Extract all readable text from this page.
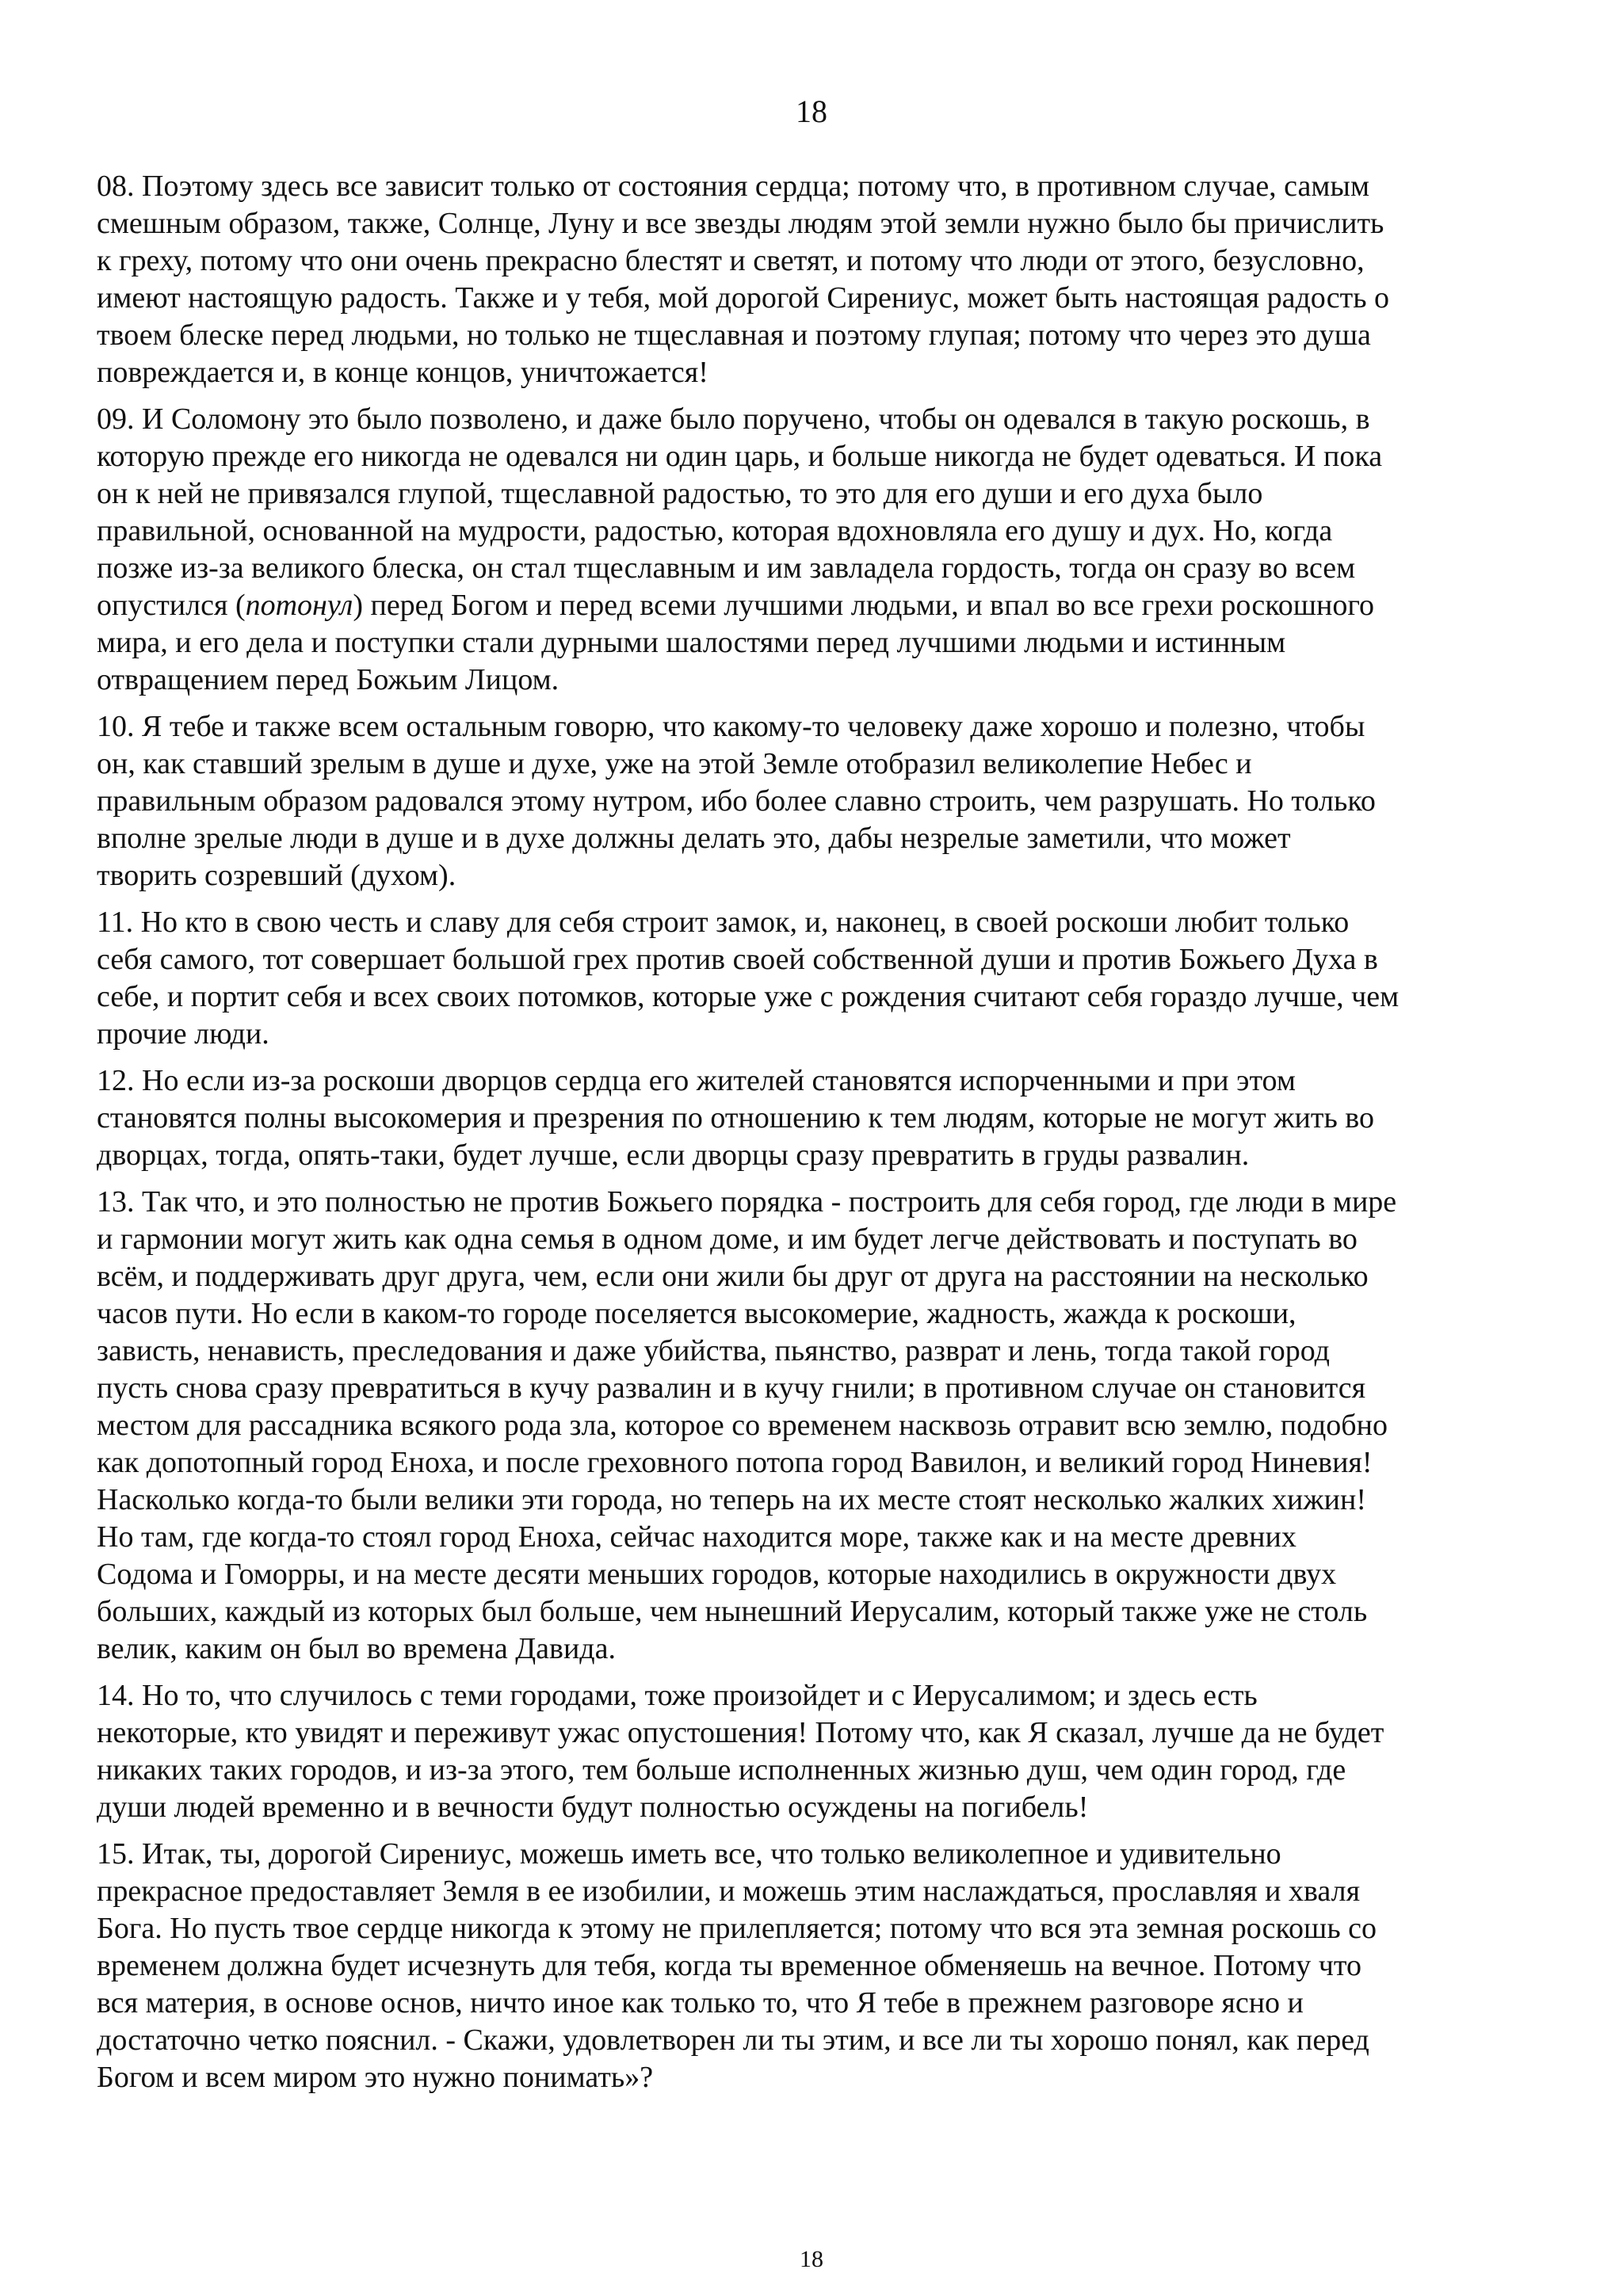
18

08. Поэтому здесь все зависит только от состояния сердца; потому что, в противном случае, самым
смешным образом, также, Солнце, Луну и все звезды людям этой земли нужно было бы причислить
к греху, потому что они очень прекрасно блестят и светят, и потому что люди от этого, безусловно,
имеют настоящую радость. Также и у тебя, мой дорогой Сирениус, может быть настоящая радость о
твоем блеске перед людьми, но только не тщеславная и поэтому глупая; потому что через это душа
повреждается и, в конце концов, уничтожается!

09. И Соломону это было позволено, и даже было поручено, чтобы он одевался в такую роскошь, в
которую прежде его никогда не одевался ни один царь, и больше никогда не будет одеваться. И пока
он к ней не привязался глупой, тщеславной радостью, то это для его души и его духа было
правильной, основанной на мудрости, радостью, которая вдохновляла его душу и дух. Но, когда
позже из-за великого блеска, он стал тщеславным и им завладела гордость, тогда он сразу во всем
опустился (потонул) перед Богом и перед всеми лучшими людьми, и впал во все грехи роскошного
мира, и его дела и поступки стали дурными шалостями перед лучшими людьми и истинным
отвращением перед Божьим Лицом.

10. Я тебе и также всем остальным говорю, что какому-то человеку даже хорошо и полезно, чтобы
он, как ставший зрелым в душе и духе, уже на этой Земле отобразил великолепие Небес и
правильным образом радовался этому нутром, ибо более славно строить, чем разрушать. Но только
вполне зрелые люди в душе и в духе должны делать это, дабы незрелые заметили, что может
творить созревший (духом).

11. Но кто в свою честь и славу для себя строит замок, и, наконец, в своей роскоши любит только
себя самого, тот совершает большой грех против своей собственной души и против Божьего Духа в
себе, и портит себя и всех своих потомков, которые уже с рождения считают себя гораздо лучше, чем
прочие люди.

12. Но если из-за роскоши дворцов сердца его жителей становятся испорченными и при этом
становятся полны высокомерия и презрения по отношению к тем людям, которые не могут жить во
дворцах, тогда, опять-таки, будет лучше, если дворцы сразу превратить в груды развалин.

13. Так что, и это полностью не против Божьего порядка - построить для себя город, где люди в мире
и гармонии могут жить как одна семья в одном доме, и им будет легче действовать и поступать во
всём, и поддерживать друг друга, чем, если они жили бы друг от друга на расстоянии на несколько
часов пути. Но если в каком-то городе поселяется высокомерие, жадность, жажда к роскоши,
зависть, ненависть, преследования и даже убийства, пьянство, разврат и лень, тогда такой город
пусть снова сразу превратиться в кучу развалин и в кучу гнили; в противном случае он становится
местом для рассадника всякого рода зла, которое со временем насквозь отравит всю землю, подобно
как допотопный город Еноха, и после греховного потопа город Вавилон, и великий город Ниневия!
Насколько когда-то были велики эти города, но теперь на их месте стоят несколько жалких хижин!
Но там, где когда-то стоял город Еноха, сейчас находится море, также как и на месте древних
Содома и Гоморры, и на месте десяти меньших городов, которые находились в окружности двух
больших, каждый из которых был больше, чем нынешний Иерусалим, который также уже не столь
велик, каким он был во времена Давида.

14. Но то, что случилось с теми городами, тоже произойдет и с Иерусалимом; и здесь есть
некоторые, кто увидят и переживут ужас опустошения! Потому что, как Я сказал, лучше да не будет
никаких таких городов, и из-за этого, тем больше исполненных жизнью душ, чем один город, где
души людей временно и в вечности будут полностью осуждены на погибель!

15. Итак, ты, дорогой Сирениус, можешь иметь все, что только великолепное и удивительно
прекрасное предоставляет Земля в ее изобилии, и можешь этим наслаждаться, прославляя и хваля
Бога. Но пусть твое сердце никогда к этому не прилепляется; потому что вся эта земная роскошь со
временем должна будет исчезнуть для тебя, когда ты временное обменяешь на вечное. Потому что
вся материя, в основе основ, ничто иное как только то, что Я тебе в прежнем разговоре ясно и
достаточно четко пояснил. - Скажи, удовлетворен ли ты этим, и все ли ты хорошо понял, как перед
Богом и всем миром это нужно понимать»?

18
